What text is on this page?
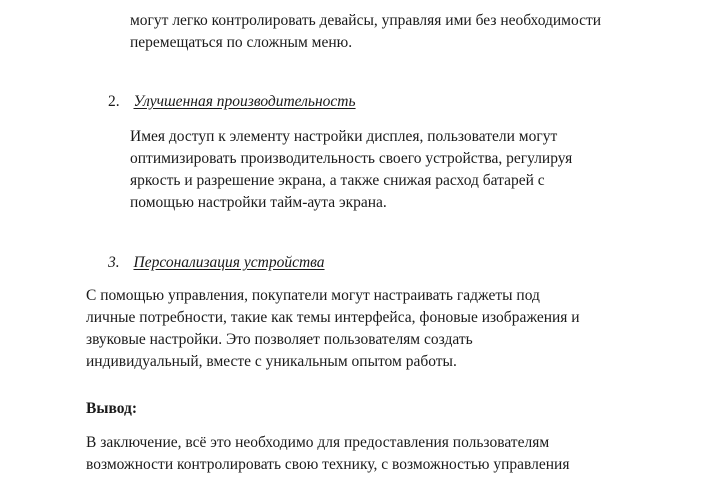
могут легко контролировать девайсы, управляя ими без необходимости
перемещаться по сложным меню.
2. Улучшенная производительность
Имея доступ к элементу настройки дисплея, пользователи могут
оптимизировать производительность своего устройства, регулируя
яркость и разрешение экрана, а также снижая расход батарей с
помощью настройки тайм-аута экрана.
3. Персонализация устройства
С помощью управления, покупатели могут настраивать гаджеты под
личные потребности, такие как темы интерфейса, фоновые изображения и
звуковые настройки. Это позволяет пользователям создать
индивидуальный, вместе с уникальным опытом работы.
Вывод:
В заключение, всё это необходимо для предоставления пользователям
возможности контролировать свою технику, с возможностью управления
